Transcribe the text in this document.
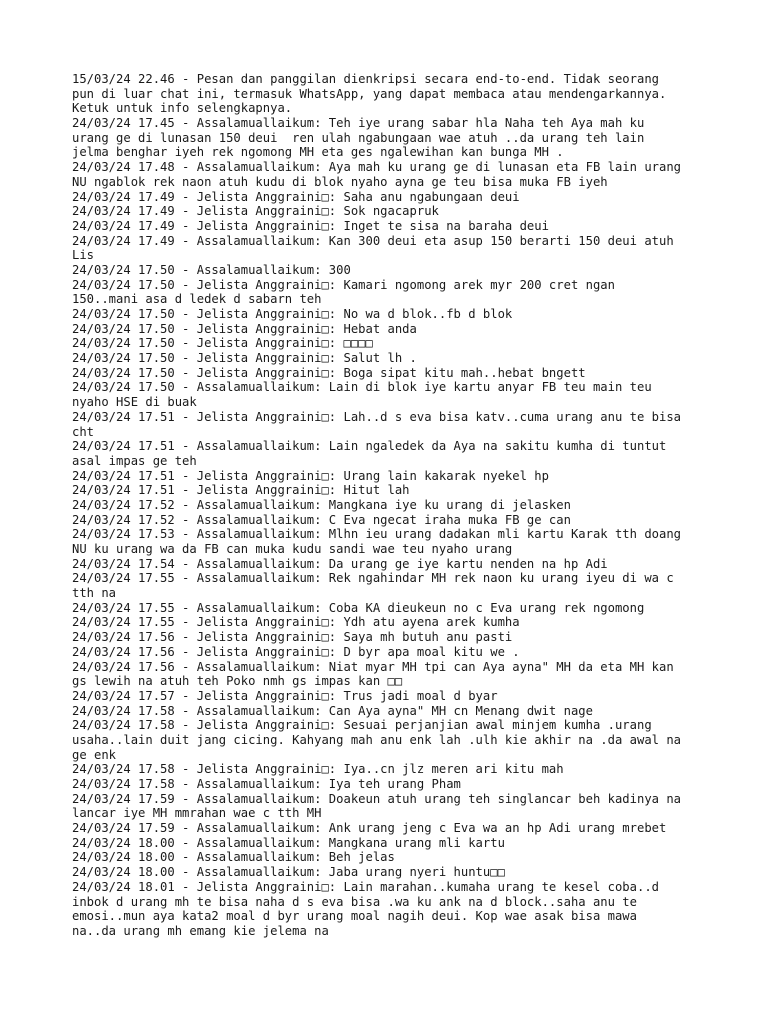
15/03/24 22.46 - Pesan dan panggilan dienkripsi secara end-to-end. Tidak seorang
pun di luar chat ini, termasuk WhatsApp, yang dapat membaca atau mendengarkannya.
Ketuk untuk info selengkapnya.
24/03/24 17.45 - Assalamuallaikum: Teh iye urang sabar hla Naha teh Aya mah ku
urang ge di lunasan 150 deui  ren ulah ngabungaan wae atuh ..da urang teh lain
jelma benghar iyeh rek ngomong MH eta ges ngalewihan kan bunga MH .
24/03/24 17.48 - Assalamuallaikum: Aya mah ku urang ge di lunasan eta FB lain urang
NU ngablok rek naon atuh kudu di blok nyaho ayna ge teu bisa muka FB iyeh
24/03/24 17.49 - Jelista Anggraini□: Saha anu ngabungaan deui
24/03/24 17.49 - Jelista Anggraini□: Sok ngacapruk
24/03/24 17.49 - Jelista Anggraini□: Inget te sisa na baraha deui
24/03/24 17.49 - Assalamuallaikum: Kan 300 deui eta asup 150 berarti 150 deui atuh
Lis
24/03/24 17.50 - Assalamuallaikum: 300
24/03/24 17.50 - Jelista Anggraini□: Kamari ngomong arek myr 200 cret ngan
150..mani asa d ledek d sabarn teh
24/03/24 17.50 - Jelista Anggraini□: No wa d blok..fb d blok
24/03/24 17.50 - Jelista Anggraini□: Hebat anda
24/03/24 17.50 - Jelista Anggraini□: □□□□
24/03/24 17.50 - Jelista Anggraini□: Salut lh .
24/03/24 17.50 - Jelista Anggraini□: Boga sipat kitu mah..hebat bngett
24/03/24 17.50 - Assalamuallaikum: Lain di blok iye kartu anyar FB teu main teu
nyaho HSE di buak
24/03/24 17.51 - Jelista Anggraini□: Lah..d s eva bisa katv..cuma urang anu te bisa
cht
24/03/24 17.51 - Assalamuallaikum: Lain ngaledek da Aya na sakitu kumha di tuntut
asal impas ge teh
24/03/24 17.51 - Jelista Anggraini□: Urang lain kakarak nyekel hp
24/03/24 17.51 - Jelista Anggraini□: Hitut lah
24/03/24 17.52 - Assalamuallaikum: Mangkana iye ku urang di jelasken
24/03/24 17.52 - Assalamuallaikum: C Eva ngecat iraha muka FB ge can
24/03/24 17.53 - Assalamuallaikum: Mlhn ieu urang dadakan mli kartu Karak tth doang
NU ku urang wa da FB can muka kudu sandi wae teu nyaho urang
24/03/24 17.54 - Assalamuallaikum: Da urang ge iye kartu nenden na hp Adi
24/03/24 17.55 - Assalamuallaikum: Rek ngahindar MH rek naon ku urang iyeu di wa c
tth na
24/03/24 17.55 - Assalamuallaikum: Coba KA dieukeun no c Eva urang rek ngomong
24/03/24 17.55 - Jelista Anggraini□: Ydh atu ayena arek kumha
24/03/24 17.56 - Jelista Anggraini□: Saya mh butuh anu pasti
24/03/24 17.56 - Jelista Anggraini□: D byr apa moal kitu we .
24/03/24 17.56 - Assalamuallaikum: Niat myar MH tpi can Aya ayna" MH da eta MH kan
gs lewih na atuh teh Poko nmh gs impas kan □□
24/03/24 17.57 - Jelista Anggraini□: Trus jadi moal d byar
24/03/24 17.58 - Assalamuallaikum: Can Aya ayna" MH cn Menang dwit nage
24/03/24 17.58 - Jelista Anggraini□: Sesuai perjanjian awal minjem kumha .urang
usaha..lain duit jang cicing. Kahyang mah anu enk lah .ulh kie akhir na .da awal na
ge enk
24/03/24 17.58 - Jelista Anggraini□: Iya..cn jlz meren ari kitu mah
24/03/24 17.58 - Assalamuallaikum: Iya teh urang Pham
24/03/24 17.59 - Assalamuallaikum: Doakeun atuh urang teh singlancar beh kadinya na
lancar iye MH mmrahan wae c tth MH
24/03/24 17.59 - Assalamuallaikum: Ank urang jeng c Eva wa an hp Adi urang mrebet
24/03/24 18.00 - Assalamuallaikum: Mangkana urang mli kartu
24/03/24 18.00 - Assalamuallaikum: Beh jelas
24/03/24 18.00 - Assalamuallaikum: Jaba urang nyeri huntu□□
24/03/24 18.01 - Jelista Anggraini□: Lain marahan..kumaha urang te kesel coba..d
inbok d urang mh te bisa naha d s eva bisa .wa ku ank na d block..saha anu te
emosi..mun aya kata2 moal d byr urang moal nagih deui. Kop wae asak bisa mawa
na..da urang mh emang kie jelema na
